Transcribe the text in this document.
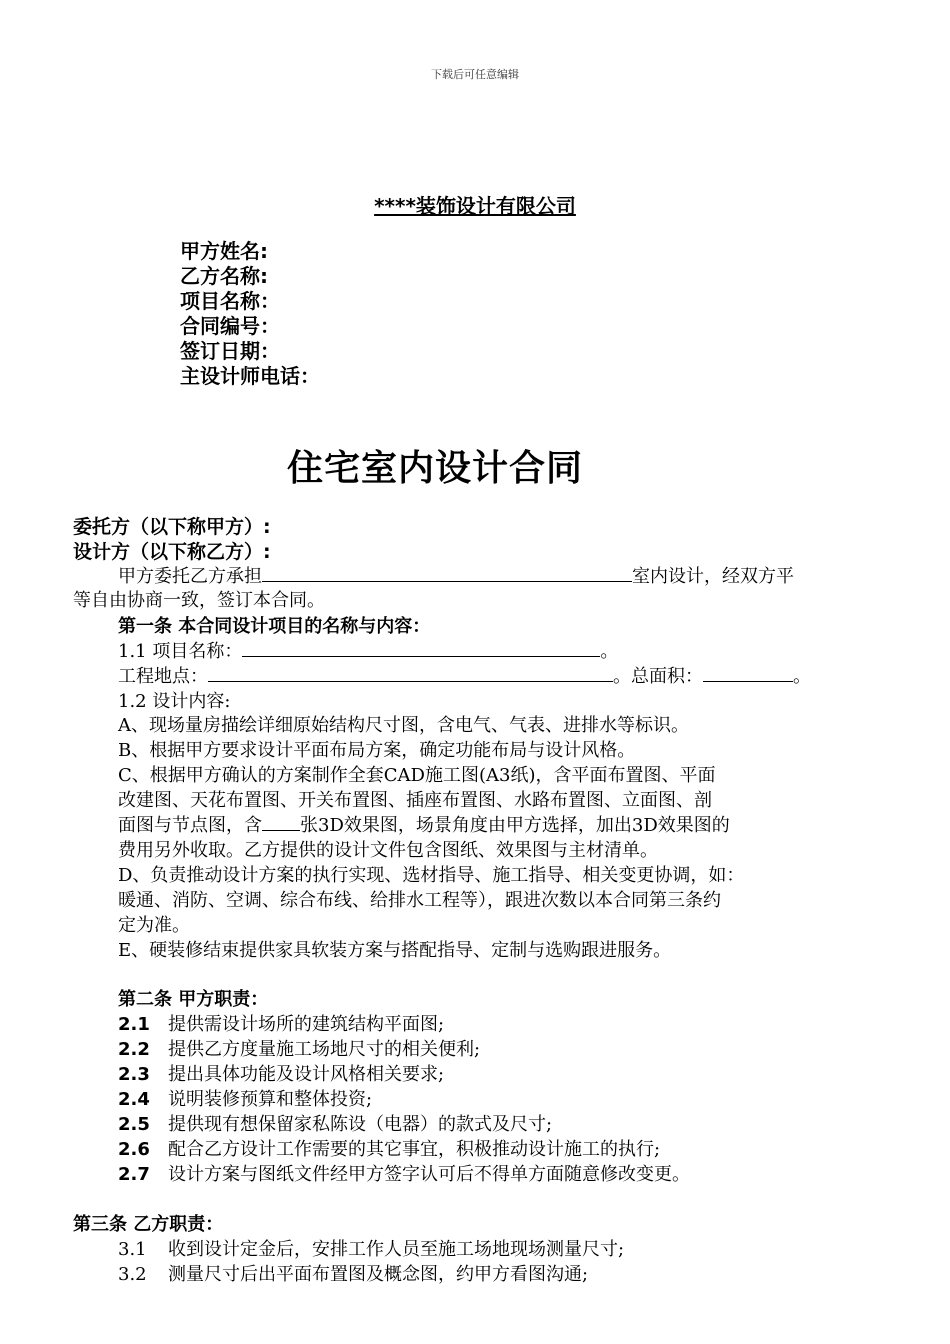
下载后可任意编辑
****装饰设计有限公司
甲方姓名:
乙方名称:
项目名称：
合同编号：
签订日期：
主设计师电话：
住宅室内设计合同
委托方（以下称甲方）:
设计方（以下称乙方）:
甲方委托乙方承担	室内设计，经双方平
等自由协商一致，签订本合同。
第一条 本合同设计项目的名称与内容：
1.1 项目名称：	。
工程地点：	。总面积：	。
1.2 设计内容:
A、现场量房描绘详细原始结构尺寸图，含电气、气表、进排水等标识。
B、根据甲方要求设计平面布局方案，确定功能布局与设计风格。
C、根据甲方确认的方案制作全套CAD施工图(A3纸)，含平面布置图、平面
改建图、天花布置图、开关布置图、插座布置图、水路布置图、立面图、剖
面图与节点图，含 张3D效果图，场景角度由甲方选择，加出3D效果图的
费用另外收取。乙方提供的设计文件包含图纸、效果图与主材清单。
D、负责推动设计方案的执行实现、选材指导、施工指导、相关变更协调，如：
暖通、消防、空调、综合布线、给排水工程等），跟进次数以本合同第三条约
定为准。
E、硬装修结束提供家具软装方案与搭配指导、定制与选购跟进服务。
第二条 甲方职责：
2.1 提供需设计场所的建筑结构平面图;
2.2 提供乙方度量施工场地尺寸的相关便利;
2.3 提出具体功能及设计风格相关要求;
2.4 说明装修预算和整体投资;
2.5 提供现有想保留家私陈设（电器）的款式及尺寸;
2.6 配合乙方设计工作需要的其它事宜，积极推动设计施工的执行;
2.7 设计方案与图纸文件经甲方签字认可后不得单方面随意修改变更。
第三条 乙方职责：
3.1 收到设计定金后，安排工作人员至施工场地现场测量尺寸;
3.2 测量尺寸后出平面布置图及概念图，约甲方看图沟通;
